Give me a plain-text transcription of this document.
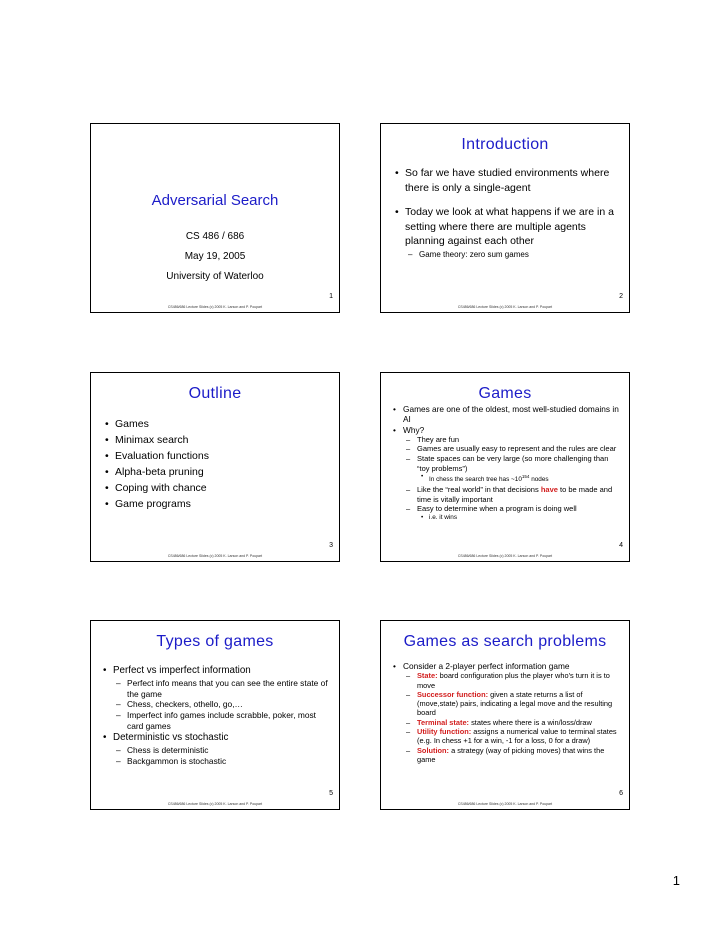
Adversarial Search
CS 486 / 686
May 19, 2005
University of Waterloo
1
CS486/686 Lecture Slides (c) 2005 K. Larson and P. Poupart
Introduction
• So far we have studied environments where there is only a single-agent
• Today we look at what happens if we are in a setting where there are multiple agents planning against each other
– Game theory: zero sum games
2
CS486/686 Lecture Slides (c) 2005 K. Larson and P. Poupart
Outline
• Games
• Minimax search
• Evaluation functions
• Alpha-beta pruning
• Coping with chance
• Game programs
3
CS486/686 Lecture Slides (c) 2005 K. Larson and P. Poupart
Games
• Games are one of the oldest, most well-studied domains in AI
• Why?
– They are fun
– Games are usually easy to represent and the rules are clear
– State spaces can be very large (so more challenging than “toy problems”)
• In chess the search tree has $\sim 10^{154}$ nodes
– Like the “real world” in that decisions have to be made and time is vitally important
– Easy to determine when a program is doing well
• i.e. it wins
4
CS486/686 Lecture Slides (c) 2005 K. Larson and P. Poupart
Types of games
• Perfect vs imperfect information
– Perfect info means that you can see the entire state of the game
– Chess, checkers, othello, go,…
– Imperfect info games include scrabble, poker, most card games
• Deterministic vs stochastic
– Chess is deterministic
– Backgammon is stochastic
5
CS486/686 Lecture Slides (c) 2005 K. Larson and P. Poupart
Games as search problems
• Consider a 2-player perfect information game
– State: board configuration plus the player who's turn it is to move
– Successor function: given a state returns a list of (move,state) pairs, indicating a legal move and the resulting board
– Terminal state: states where there is a win/loss/draw
– Utility function: assigns a numerical value to terminal states (e.g. In chess +1 for a win, -1 for a loss, 0 for a draw)
– Solution: a strategy (way of picking moves) that wins the game
6
CS486/686 Lecture Slides (c) 2005 K. Larson and P. Poupart
1
